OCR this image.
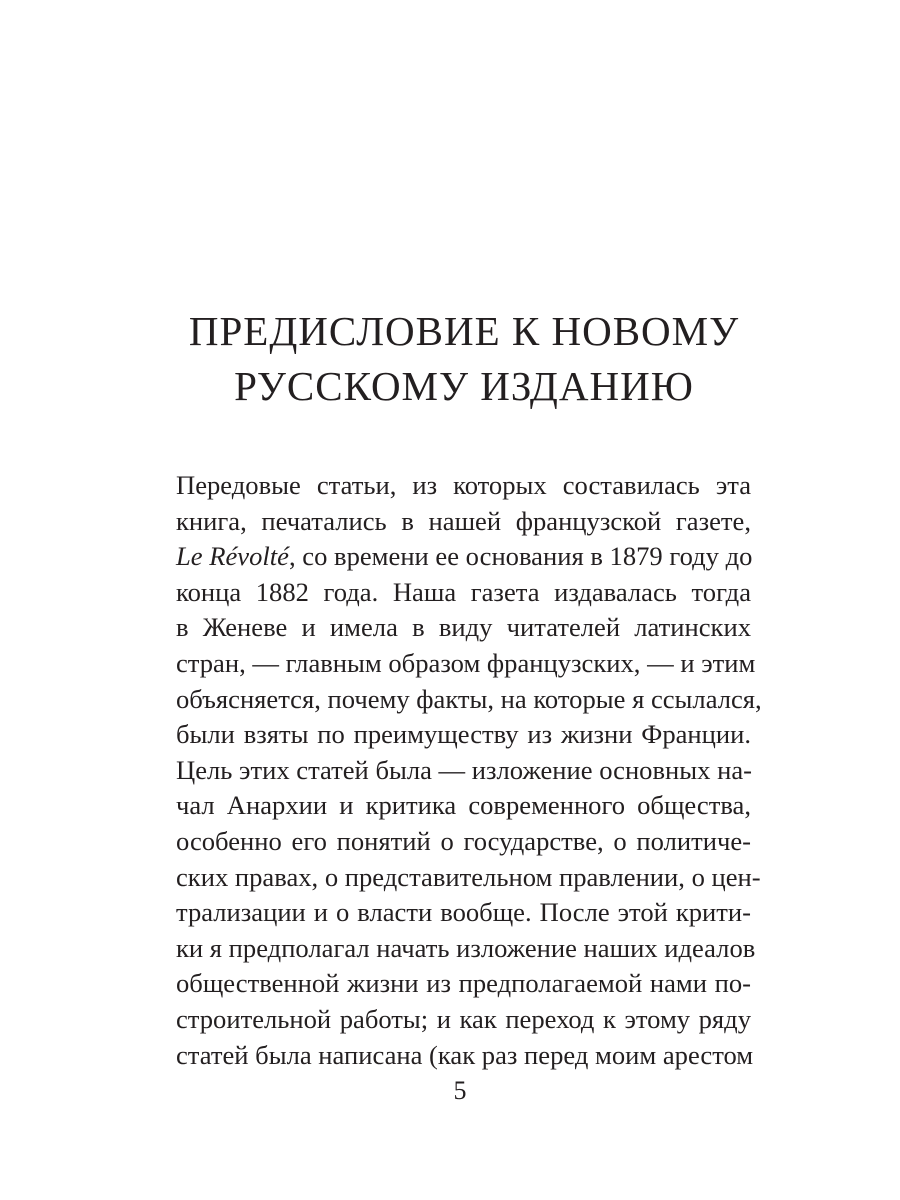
ПРЕДИСЛОВИЕ К НОВОМУ
РУССКОМУ ИЗДАНИЮ
Передовые статьи, из которых составилась эта
книга, печатались в нашей французской газете,
Le Révolté, со времени ее основания в 1879 году до
конца 1882 года. Наша газета издавалась тогда
в Женеве и имела в виду читателей латинских
стран, — главным образом французских, — и этим
объясняется, почему факты, на которые я ссылался,
были взяты по преимуществу из жизни Франции.
Цель этих статей была — изложение основных на-
чал Анархии и критика современного общества,
особенно его понятий о государстве, о политиче-
ских правах, о представительном правлении, о цен-
трализации и о власти вообще. После этой крити-
ки я предполагал начать изложение наших идеалов
общественной жизни из предполагаемой нами по-
строительной работы; и как переход к этому ряду
статей была написана (как раз перед моим арестом
5
